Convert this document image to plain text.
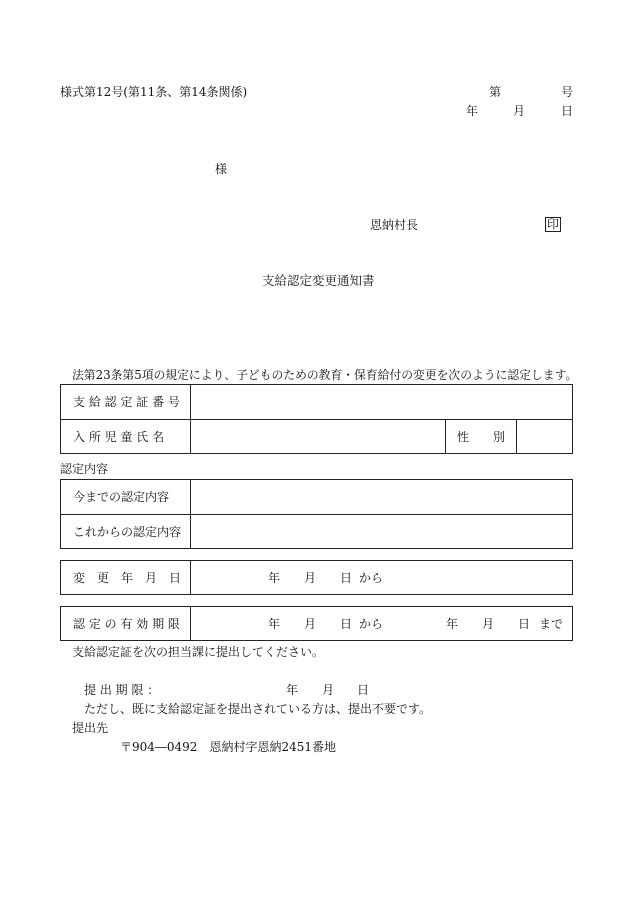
様式第12号(第11条、第14条関係)	第	号
年	月	日
様
恩納村長	印
支給認定変更通知書
法第23条第5項の規定により、子どものための教育・保育給付の変更を次のように認定します。
支 給 認 定 証 番 号
入 所 児 童 氏 名	性　　別
認定内容
今までの認定内容
これからの認定内容
変　更　年　月　日	年 月 日 から
認 定 の 有 効 期 限	年 月 日 から	年 月 日 まで
支給認定証を次の担当課に提出してください。
提 出 期 限 ：	年 月 日
ただし、既に支給認定証を提出されている方は、提出不要です。
提出先
〒904―0492　恩納村字恩納2451番地
